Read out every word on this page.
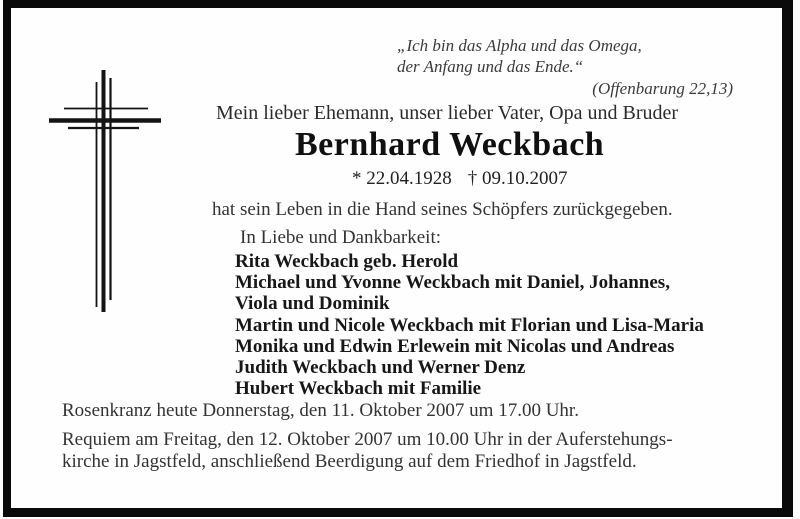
„Ich bin das Alpha und das Omega,
der Anfang und das Ende.“
(Offenbarung 22,13)
Mein lieber Ehemann, unser lieber Vater, Opa und Bruder
Bernhard Weckbach
* 22.04.1928 † 09.10.2007
hat sein Leben in die Hand seines Schöpfers zurückgegeben.
In Liebe und Dankbarkeit:
Rita Weckbach geb. Herold
Michael und Yvonne Weckbach mit Daniel, Johannes,
Viola und Dominik
Martin und Nicole Weckbach mit Florian und Lisa-Maria
Monika und Edwin Erlewein mit Nicolas und Andreas
Judith Weckbach und Werner Denz
Hubert Weckbach mit Familie
Rosenkranz heute Donnerstag, den 11. Oktober 2007 um 17.00 Uhr.
Requiem am Freitag, den 12. Oktober 2007 um 10.00 Uhr in der Auferstehungs-
kirche in Jagstfeld, anschließend Beerdigung auf dem Friedhof in Jagstfeld.
